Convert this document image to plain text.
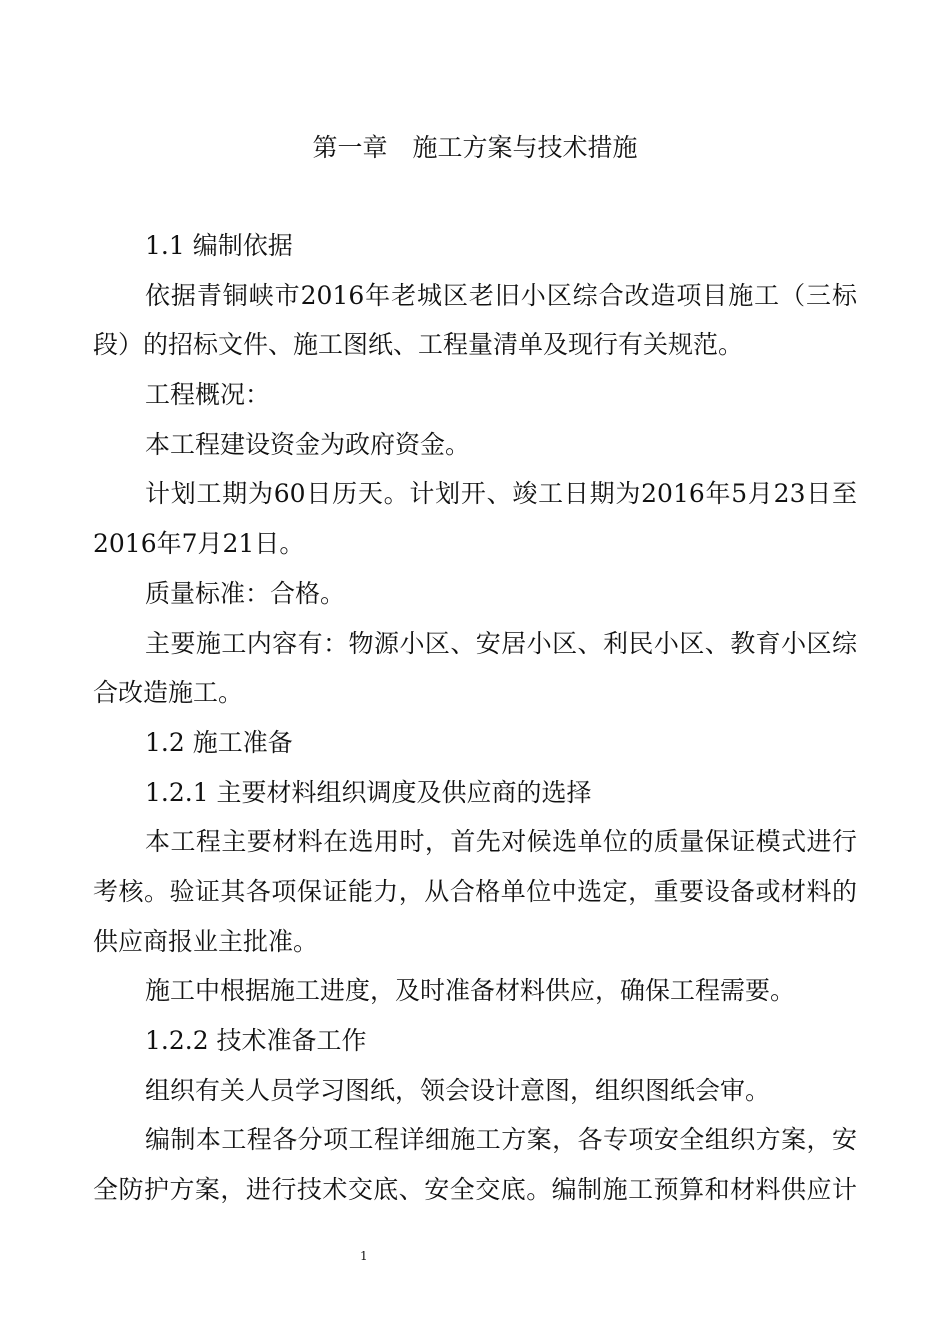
第一章　施工方案与技术措施
1.1 编制依据
依据青铜峡市2016年老城区老旧小区综合改造项目施工（三标
段）的招标文件、施工图纸、工程量清单及现行有关规范。
工程概况：
本工程建设资金为政府资金。
计划工期为60日历天。计划开、竣工日期为2016年5月23日至
2016年7月21日。
质量标准：合格。
主要施工内容有：物源小区、安居小区、利民小区、教育小区综
合改造施工。
1.2 施工准备
1.2.1 主要材料组织调度及供应商的选择
本工程主要材料在选用时，首先对候选单位的质量保证模式进行
考核。验证其各项保证能力，从合格单位中选定，重要设备或材料的
供应商报业主批准。
施工中根据施工进度，及时准备材料供应，确保工程需要。
1.2.2 技术准备工作
组织有关人员学习图纸，领会设计意图，组织图纸会审。
编制本工程各分项工程详细施工方案，各专项安全组织方案，安
全防护方案，进行技术交底、安全交底。编制施工预算和材料供应计
1
